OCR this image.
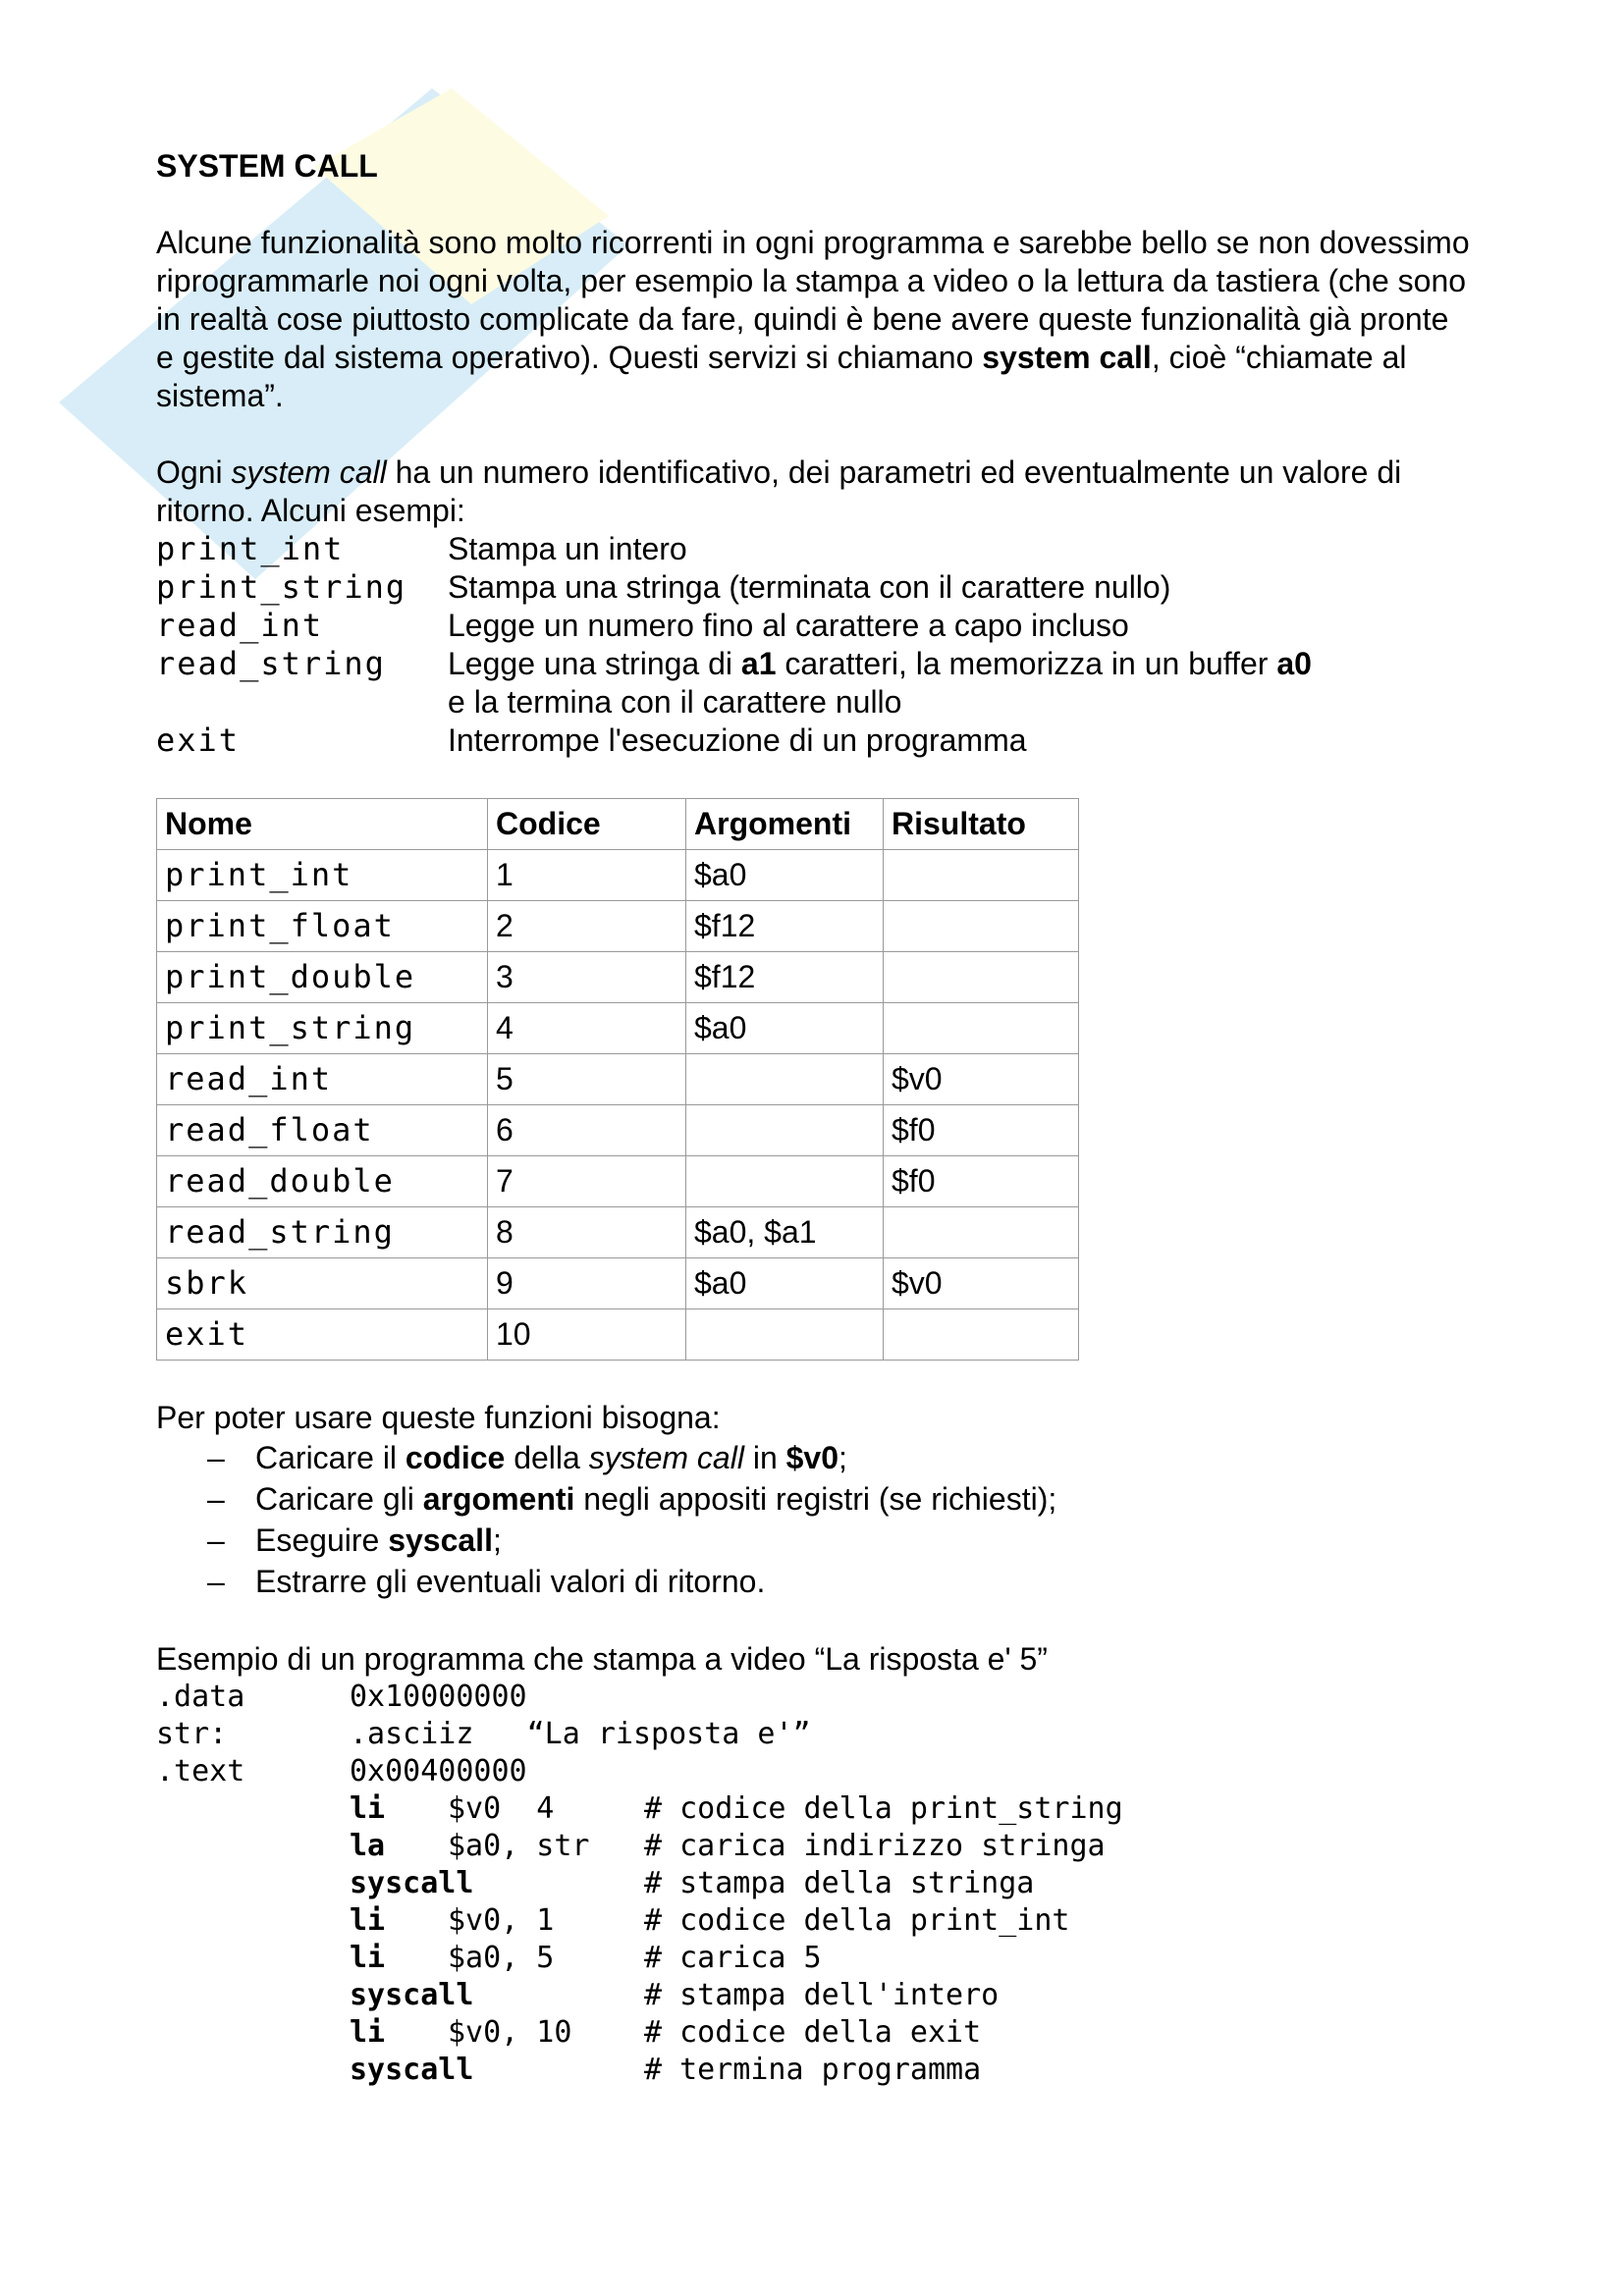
SYSTEM CALL

Alcune funzionalità sono molto ricorrenti in ogni programma e sarebbe bello se non dovessimo riprogrammarle noi ogni volta, per esempio la stampa a video o la lettura da tastiera (che sono in realtà cose piuttosto complicate da fare, quindi è bene avere queste funzionalità già pronte e gestite dal sistema operativo). Questi servizi si chiamano system call, cioè “chiamate al sistema”.

Ogni system call ha un numero identificativo, dei parametri ed eventualmente un valore di ritorno. Alcuni esempi:

print_int	Stampa un intero
print_string	Stampa una stringa (terminata con il carattere nullo)
read_int	Legge un numero fino al carattere a capo incluso
read_string	Legge una stringa di a1 caratteri, la memorizza in un buffer a0
e la termina con il carattere nullo
exit	Interrompe l'esecuzione di un programma
Nome	Codice	Argomenti	Risultato
print_int	1	$a0	
print_float	2	$f12	
print_double	3	$f12	
print_string	4	$a0	
read_int	5		$v0
read_float	6		$f0
read_double	7		$f0
read_string	8	$a0, $a1	
sbrk	9	$a0	$v0
exit	10		

Per poter usare queste funzioni bisogna:

– Caricare il codice della system call in $v0;
– Caricare gli argomenti negli appositi registri (se richiesti);
– Eseguire syscall;
– Estrarre gli eventuali valori di ritorno.

Esempio di un programma che stampa a video “La risposta e' 5”

.data	0x10000000
str:	.asciiz   “La risposta e'”
.text	0x00400000
li	$v0  4	# codice della print_string
la	$a0, str	# carica indirizzo stringa
syscall	# stampa della stringa
li	$v0, 1	# codice della print_int
li	$a0, 5	# carica 5
syscall	# stampa dell'intero
li	$v0, 10	# codice della exit
syscall	# termina programma
